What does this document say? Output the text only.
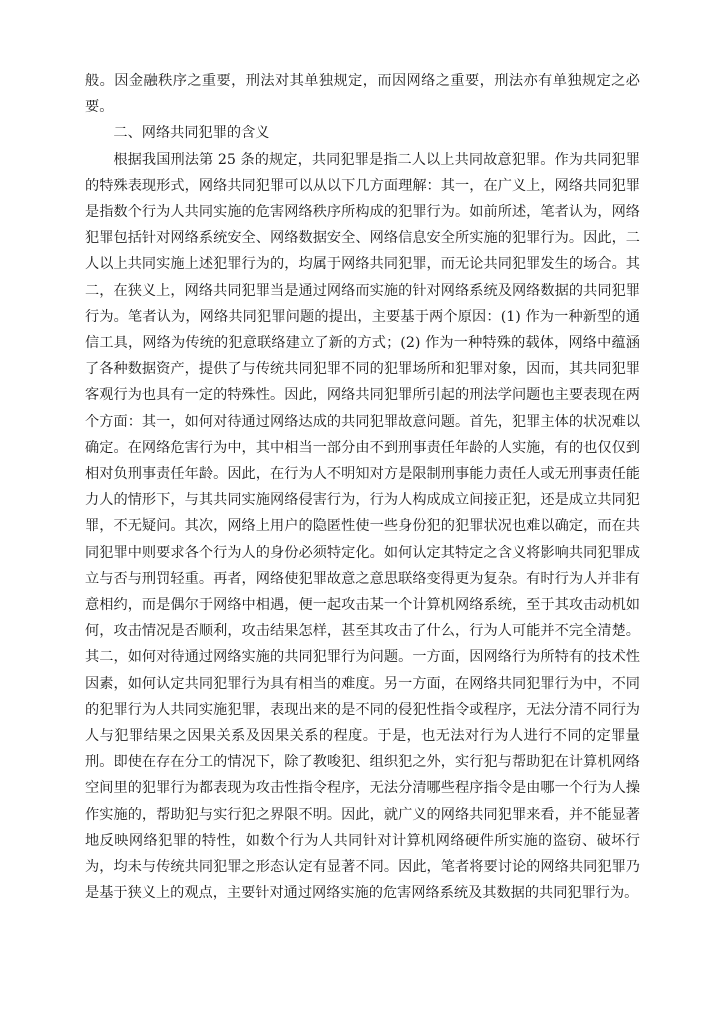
般。因金融秩序之重要，刑法对其单独规定，而因网络之重要，刑法亦有单独规定之必要。

二、网络共同犯罪的含义

根据我国刑法第 25 条的规定，共同犯罪是指二人以上共同故意犯罪。作为共同犯罪的特殊表现形式，网络共同犯罪可以从以下几方面理解：其一，在广义上，网络共同犯罪是指数个行为人共同实施的危害网络秩序所构成的犯罪行为。如前所述，笔者认为，网络犯罪包括针对网络系统安全、网络数据安全、网络信息安全所实施的犯罪行为。因此，二人以上共同实施上述犯罪行为的，均属于网络共同犯罪，而无论共同犯罪发生的场合。其二，在狭义上，网络共同犯罪当是通过网络而实施的针对网络系统及网络数据的共同犯罪行为。笔者认为，网络共同犯罪问题的提出，主要基于两个原因：(1) 作为一种新型的通信工具，网络为传统的犯意联络建立了新的方式；(2) 作为一种特殊的载体，网络中蕴涵了各种数据资产，提供了与传统共同犯罪不同的犯罪场所和犯罪对象，因而，其共同犯罪客观行为也具有一定的特殊性。因此，网络共同犯罪所引起的刑法学问题也主要表现在两个方面：其一，如何对待通过网络达成的共同犯罪故意问题。首先，犯罪主体的状况难以确定。在网络危害行为中，其中相当一部分由不到刑事责任年龄的人实施，有的也仅仅到相对负刑事责任年龄。因此，在行为人不明知对方是限制刑事能力责任人或无刑事责任能力人的情形下，与其共同实施网络侵害行为，行为人构成成立间接正犯，还是成立共同犯罪，不无疑问。其次，网络上用户的隐匿性使一些身份犯的犯罪状况也难以确定，而在共同犯罪中则要求各个行为人的身份必须特定化。如何认定其特定之含义将影响共同犯罪成立与否与刑罚轻重。再者，网络使犯罪故意之意思联络变得更为复杂。有时行为人并非有意相约，而是偶尔于网络中相遇，便一起攻击某一个计算机网络系统，至于其攻击动机如何，攻击情况是否顺利，攻击结果怎样，甚至其攻击了什么，行为人可能并不完全清楚。其二，如何对待通过网络实施的共同犯罪行为问题。一方面，因网络行为所特有的技术性因素，如何认定共同犯罪行为具有相当的难度。另一方面，在网络共同犯罪行为中，不同的犯罪行为人共同实施犯罪，表现出来的是不同的侵犯性指令或程序，无法分清不同行为人与犯罪结果之因果关系及因果关系的程度。于是，也无法对行为人进行不同的定罪量刑。即使在存在分工的情况下，除了教唆犯、组织犯之外，实行犯与帮助犯在计算机网络空间里的犯罪行为都表现为攻击性指令程序，无法分清哪些程序指令是由哪一个行为人操作实施的，帮助犯与实行犯之界限不明。因此，就广义的网络共同犯罪来看，并不能显著地反映网络犯罪的特性，如数个行为人共同针对计算机网络硬件所实施的盗窃、破坏行为，均未与传统共同犯罪之形态认定有显著不同。因此，笔者将要讨论的网络共同犯罪乃是基于狭义上的观点，主要针对通过网络实施的危害网络系统及其数据的共同犯罪行为。
